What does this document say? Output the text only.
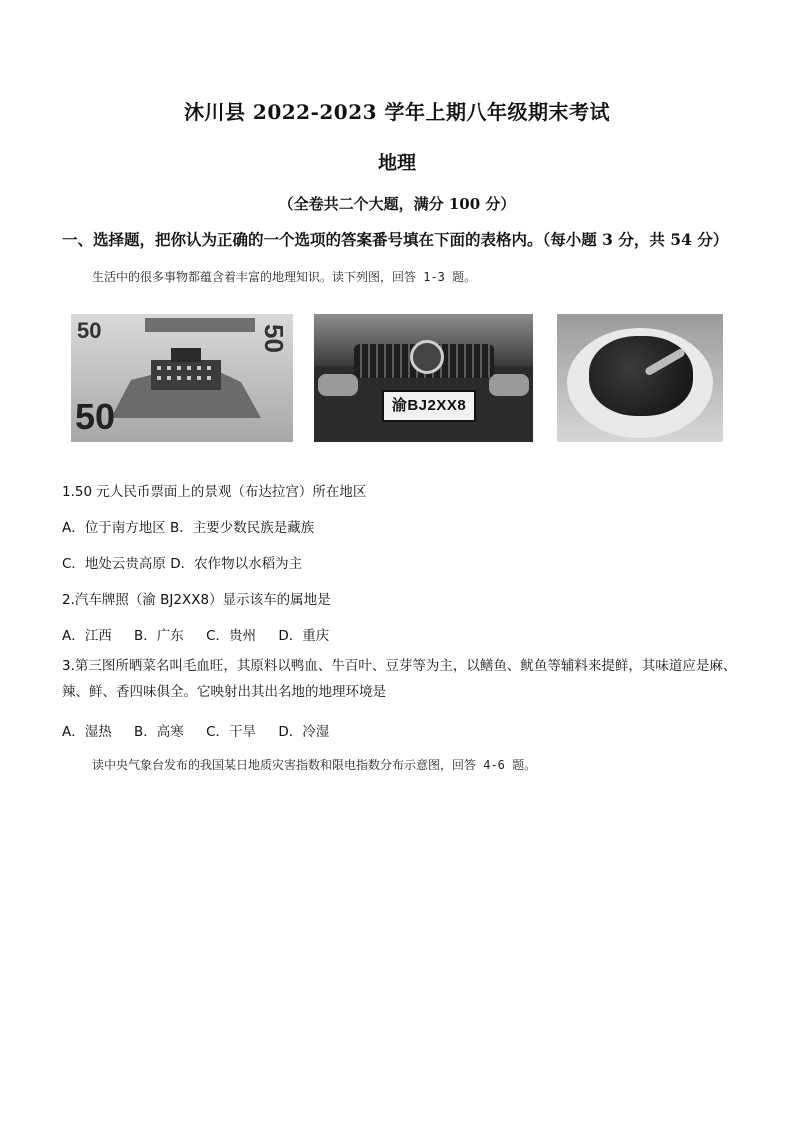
沐川县 2022-2023 学年上期八年级期末考试
地理
（全卷共二个大题，满分 100 分）
一、选择题，把你认为正确的一个选项的答案番号填在下面的表格内。（每小题 3 分，共 54 分）
生活中的很多事物都蕴含着丰富的地理知识。读下列图，回答 1-3 题。
50
50
50
渝BJ2XX8
1.50 元人民币票面上的景观（布达拉宫）所在地区
A．位于南方地区 B．主要少数民族是藏族
C．地处云贵高原 D．农作物以水稻为主
2.汽车牌照（渝 BJ2XX8）显示该车的属地是
A．江西 B．广东 C．贵州 D．重庆
3.第三图所晒菜名叫毛血旺，其原料以鸭血、牛百叶、豆芽等为主，以鳝鱼、鱿鱼等辅料来提鲜，其味道应是麻、辣、鲜、香四味俱全。它映射出其出名地的地理环境是
A．湿热 B．高寒 C．干旱 D．冷湿
读中央气象台发布的我国某日地质灾害指数和限电指数分布示意图，回答 4-6 题。
